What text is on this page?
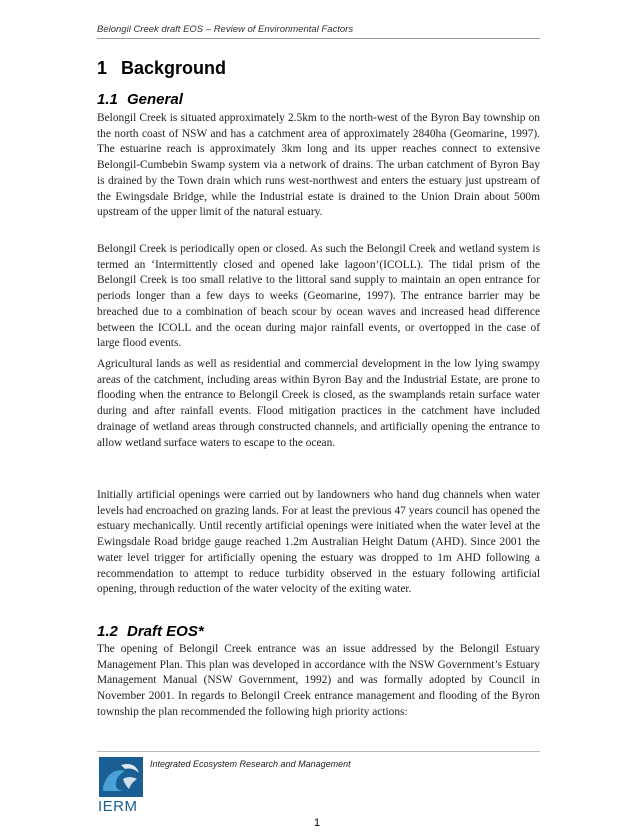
Belongil Creek draft EOS – Review of Environmental Factors
1 Background
1.1 General

Belongil Creek is situated approximately 2.5km to the north-west of the Byron Bay township on the north coast of NSW and has a catchment area of approximately 2840ha (Geomarine, 1997). The estuarine reach is approximately 3km long and its upper reaches connect to extensive Belongil-Cumbebin Swamp system via a network of drains. The urban catchment of Byron Bay is drained by the Town drain which runs west-northwest and enters the estuary just upstream of the Ewingsdale Bridge, while the Industrial estate is drained to the Union Drain about 500m upstream of the upper limit of the natural estuary.

Belongil Creek is periodically open or closed. As such the Belongil Creek and wetland system is termed an ‘Intermittently closed and opened lake lagoon’(ICOLL). The tidal prism of the Belongil Creek is too small relative to the littoral sand supply to maintain an open entrance for periods longer than a few days to weeks (Geomarine, 1997). The entrance barrier may be breached due to a combination of beach scour by ocean waves and increased head difference between the ICOLL and the ocean during major rainfall events, or overtopped in the case of large flood events.

Agricultural lands as well as residential and commercial development in the low lying swampy areas of the catchment, including areas within Byron Bay and the Industrial Estate, are prone to flooding when the entrance to Belongil Creek is closed, as the swamplands retain surface water during and after rainfall events. Flood mitigation practices in the catchment have included drainage of wetland areas through constructed channels, and artificially opening the entrance to allow wetland surface waters to escape to the ocean.

Initially artificial openings were carried out by landowners who hand dug channels when water levels had encroached on grazing lands. For at least the previous 47 years council has opened the estuary mechanically. Until recently artificial openings were initiated when the water level at the Ewingsdale Road bridge gauge reached 1.2m Australian Height Datum (AHD). Since 2001 the water level trigger for artificially opening the estuary was dropped to 1m AHD following a recommendation to attempt to reduce turbidity observed in the estuary following artificial opening, through reduction of the water velocity of the exiting water.

1.2 Draft EOS*

The opening of Belongil Creek entrance was an issue addressed by the Belongil Estuary Management Plan. This plan was developed in accordance with the NSW Government’s Estuary Management Manual (NSW Government, 1992) and was formally adopted by Council in November 2001. In regards to Belongil Creek entrance management and flooding of the Byron township the plan recommended the following high priority actions:

IERM
Integrated Ecosystem Research and Management
1
